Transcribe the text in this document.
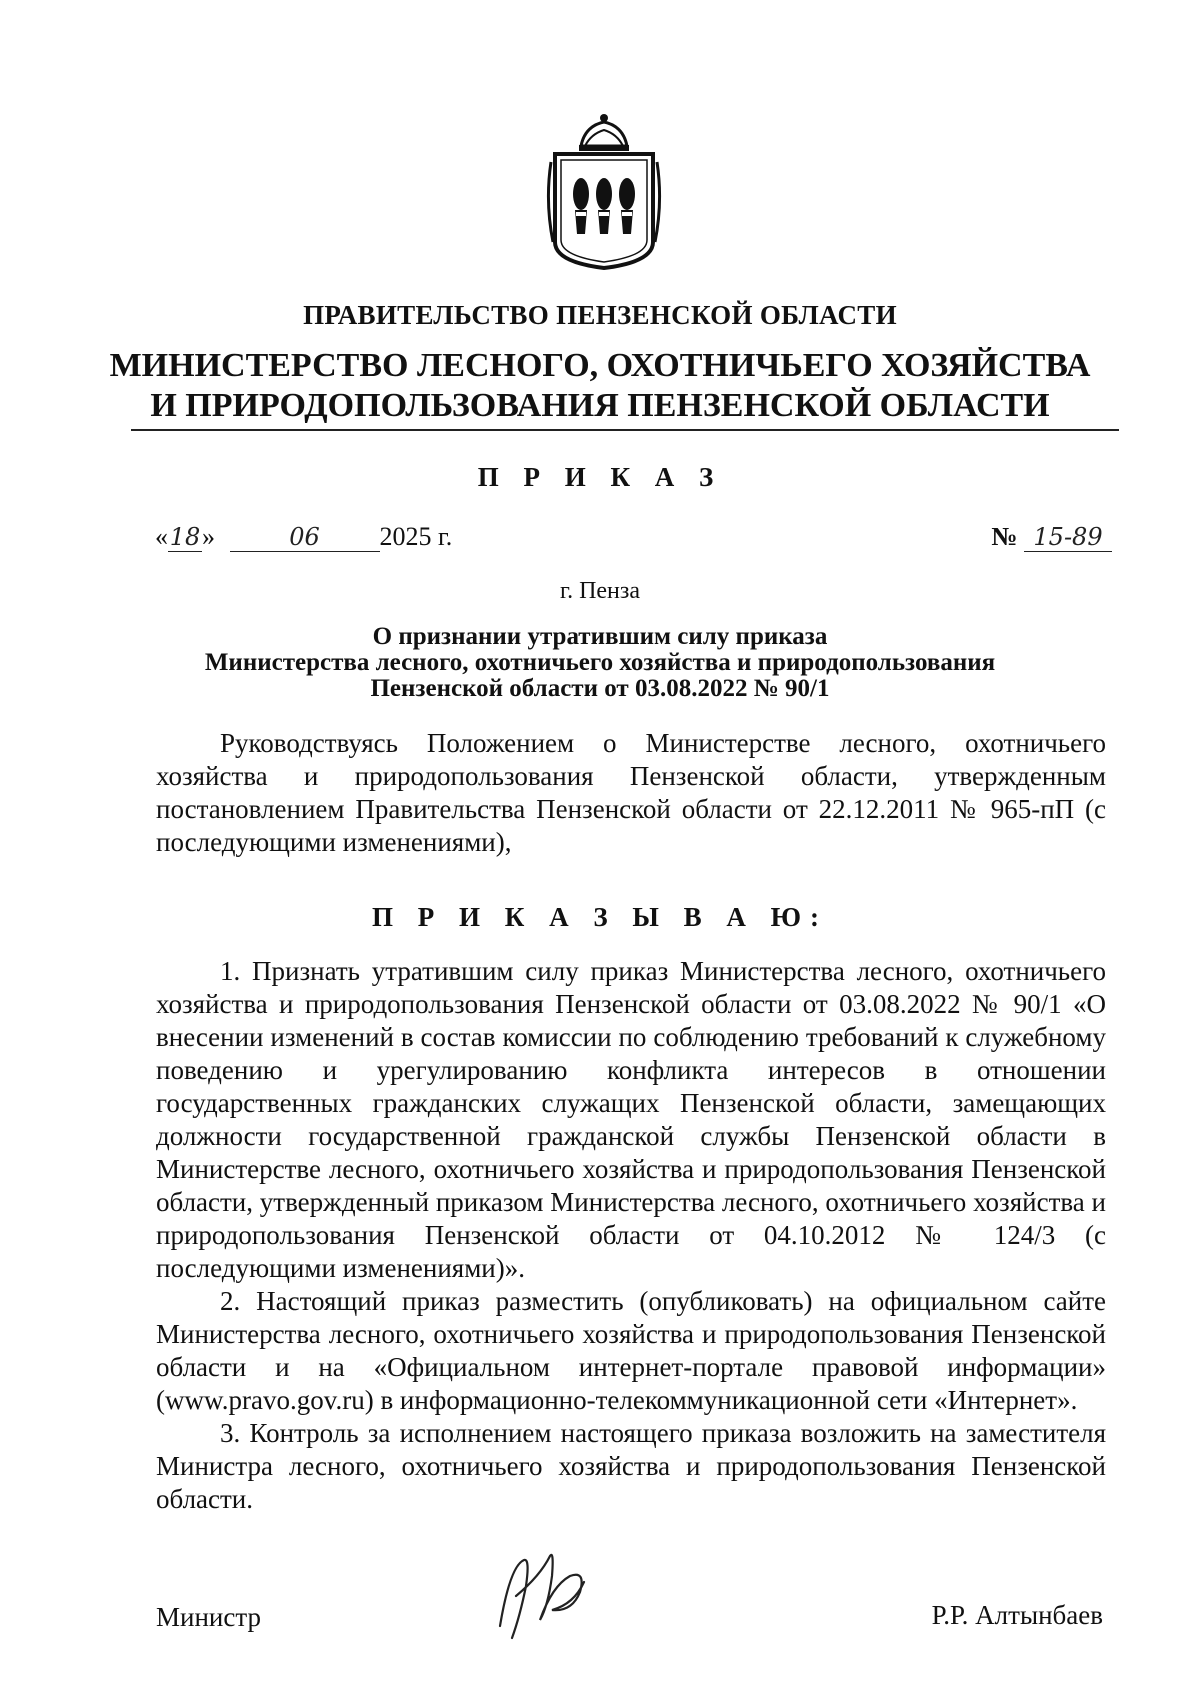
ПРАВИТЕЛЬСТВО ПЕНЗЕНСКОЙ ОБЛАСТИ
МИНИСТЕРСТВО ЛЕСНОГО, ОХОТНИЧЬЕГО ХОЗЯЙСТВА
И ПРИРОДОПОЛЬЗОВАНИЯ ПЕНЗЕНСКОЙ ОБЛАСТИ
П Р И К А З
«18»	06 2025 г.	№ 15-89
г. Пенза
О признании утратившим силу приказа
Министерства лесного, охотничьего хозяйства и природопользования
Пензенской области от 03.08.2022 № 90/1
Руководствуясь Положением о Министерстве лесного, охотничьего хозяйства и природопользования Пензенской области, утвержденным постановлением Правительства Пензенской области от 22.12.2011 № 965-пП (с последующими изменениями),
П Р И К А З Ы В А Ю:

1. Признать утратившим силу приказ Министерства лесного, охотничьего хозяйства и природопользования Пензенской области от 03.08.2022 № 90/1 «О внесении изменений в состав комиссии по соблюдению требований к служебному поведению и урегулированию конфликта интересов в отношении государственных гражданских служащих Пензенской области, замещающих должности государственной гражданской службы Пензенской области в Министерстве лесного, охотничьего хозяйства и природопользования Пензенской области, утвержденный приказом Министерства лесного, охотничьего хозяйства и природопользования Пензенской области от 04.10.2012 № 124/3 (с последующими изменениями)».

2. Настоящий приказ разместить (опубликовать) на официальном сайте Министерства лесного, охотничьего хозяйства и природопользования Пензенской области и на «Официальном интернет-портале правовой информации» (www.pravo.gov.ru) в информационно-телекоммуникационной сети «Интернет».

3. Контроль за исполнением настоящего приказа возложить на заместителя Министра лесного, охотничьего хозяйства и природопользования Пензенской области.

Министр	Р.Р. Алтынбаев
